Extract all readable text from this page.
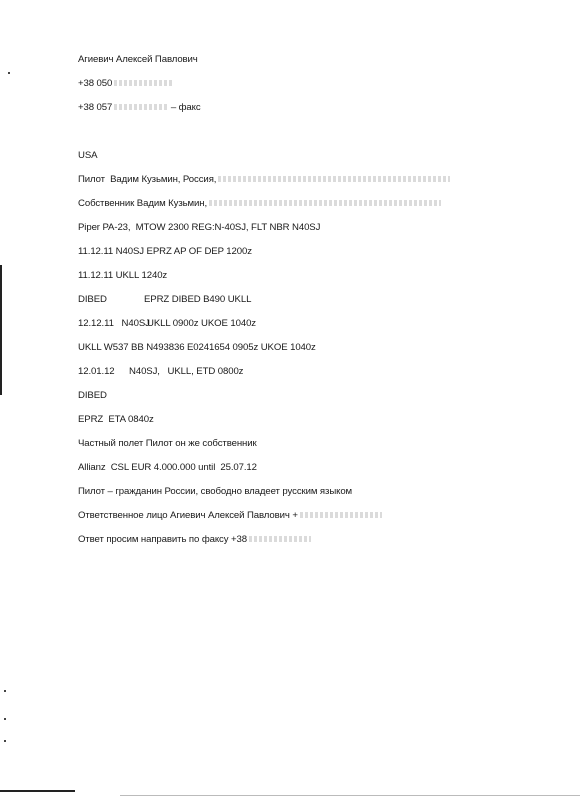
Агиевич Алексей Павлович
+38 050
+38 057	– факс
USA
Пилот  Вадим Кузьмин, Россия,
Собственник Вадим Кузьмин,
Piper PA-23,  MTOW 2300 REG:N-40SJ, FLT NBR N40SJ
11.12.11 N40SJ EPRZ AP OF DEP 1200z
11.12.11 UKLL 1240z
DIBED	EPRZ DIBED B490 UKLL
12.12.11   N40SJ
UKLL 0900z UKOE 1040z
UKLL W537 BB N493836 E0241654 0905z UKOE 1040z
12.01.12 N40SJ,   UKLL, ETD 0800z
DIBED
EPRZ  ETA 0840z
Частный полет Пилот он же собственник
Allianz  CSL EUR 4.000.000 until  25.07.12
Пилот – гражданин России, свободно владеет русским языком
Ответственное лицо Агиевич Алексей Павлович +
Ответ просим направить по факсу +38
